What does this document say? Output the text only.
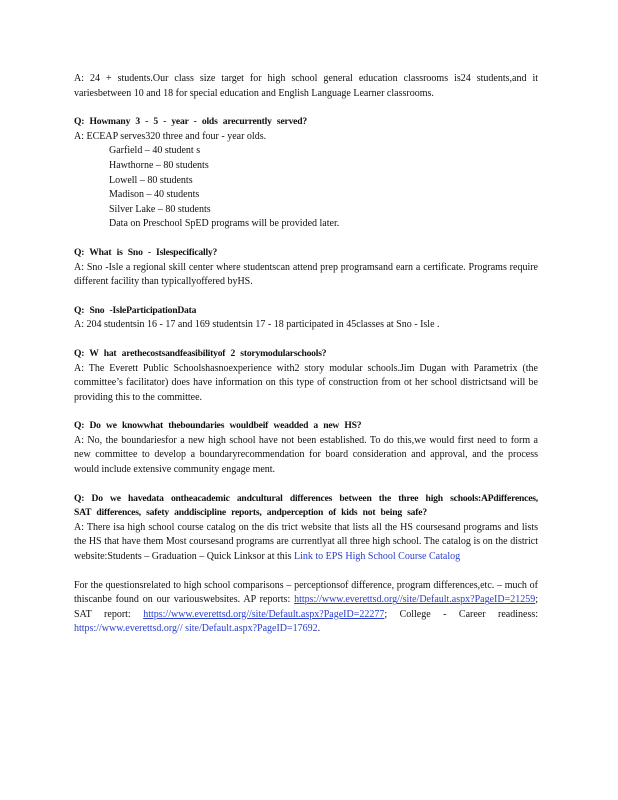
A: 24 + students.Our class size target for high school general education classrooms is24 students,and it variesbetween 10 and 18 for special education and English Language Learner classrooms.

Q: Howmany 3 - 5 - year - olds arecurrently served?

A: ECEAP serves320 three and four - year olds.

Garfield – 40 student s

Hawthorne – 80 students

Lowell – 80 students

Madison – 40 students

Silver Lake – 80 students

Data on Preschool SpED programs will be provided later.

Q: What is Sno - Islespecifically?

A: Sno -Isle a regional skill center where studentscan attend prep programsand earn a certificate. Programs require different facility than typicallyoffered byHS.

Q: Sno -IsleParticipationData

A: 204 studentsin 16 - 17 and 169 studentsin 17 - 18 participated in 45classes at Sno - Isle .

Q: W hat arethecostsandfeasibilityof 2 storymodularschools?

A: The Everett Public Schoolshasnoexperience with2 story modular schools.Jim Dugan with Parametrix (the committee’s facilitator) does have information on this type of construction from ot her school districtsand will be providing this to the committee.

Q: Do we knowwhat theboundaries wouldbeif weadded a new HS?

A: No, the boundariesfor a new high school have not been established. To do this,we would first need to form a new committee to develop a boundaryrecommendation for board consideration and approval, and the process would include extensive community engage ment.

Q: Do we havedata ontheacademic andcultural differences between the three high schools:APdifferences, SAT differences, safety anddiscipline reports, andperception of kids not being safe?

A: There isa high school course catalog on the dis trict website that lists all the HS coursesand programs and lists the HS that have them Most coursesand programs are currentlyat all three high school. The catalog is on the district website:Students – Graduation – Quick Linksor at this Link to EPS High School Course Catalog

For the questionsrelated to high school comparisons – perceptionsof difference, program differences,etc. – much of thiscanbe found on our variouswebsites. AP reports: https://www.everettsd.org//site/Default.aspx?PageID=21259; SAT report: https://www.everettsd.org//site/Default.aspx?PageID=22277; College - Career readiness: https://www.everettsd.org// site/Default.aspx?PageID=17692.
